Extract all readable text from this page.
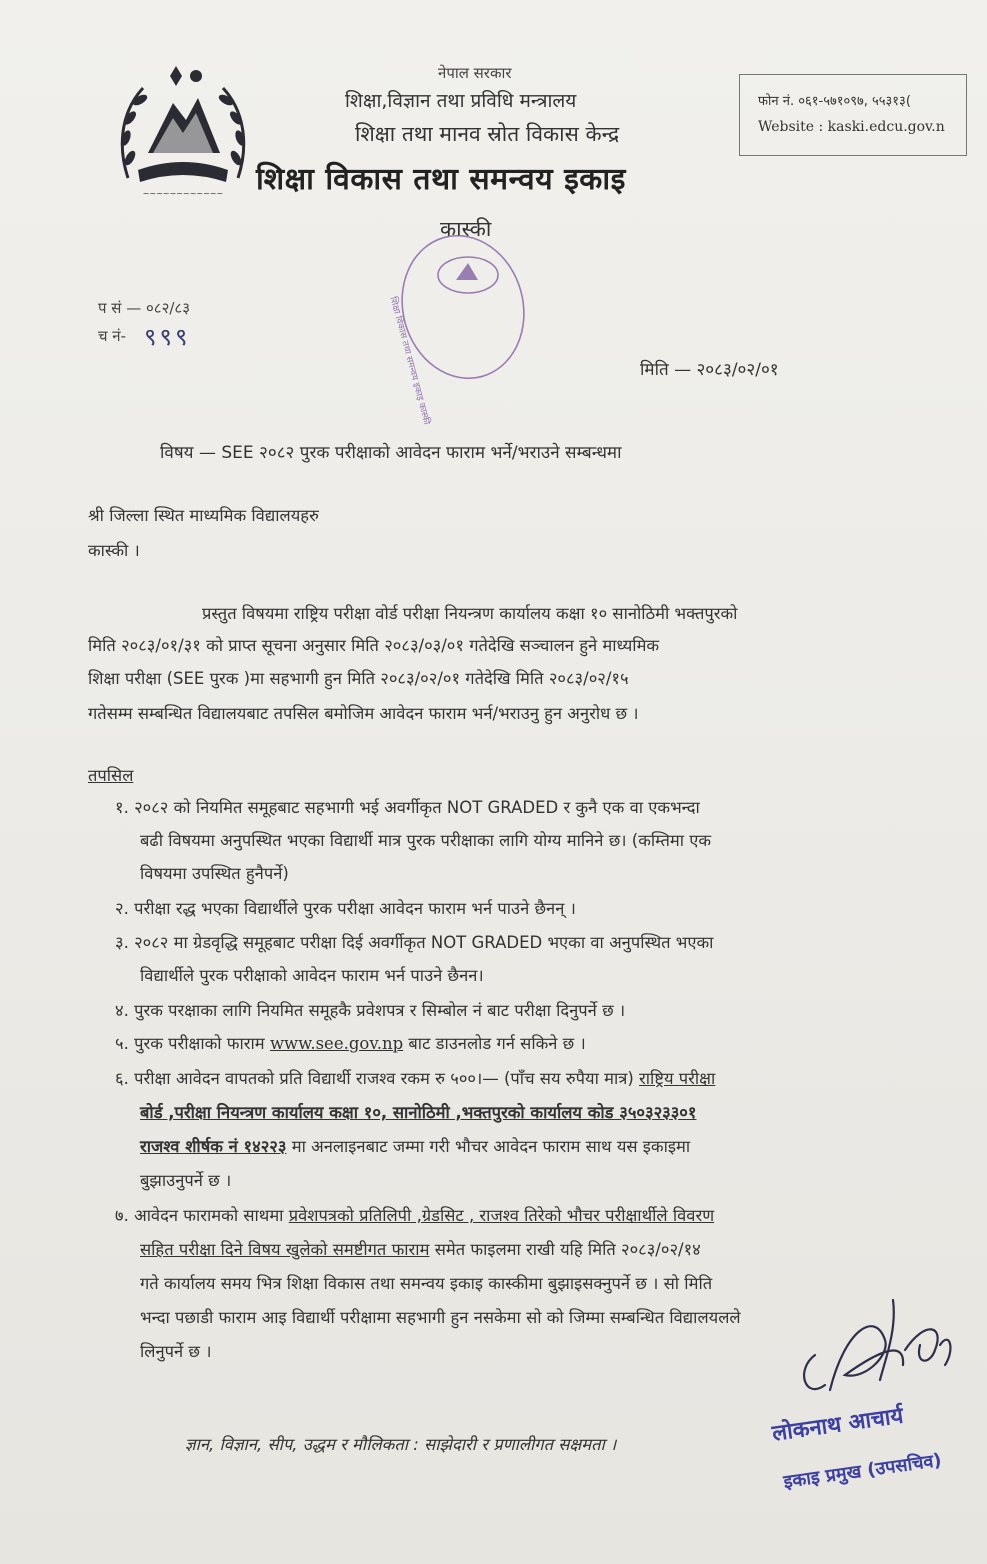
~~~~~~~~~~~~
नेपाल सरकार
शिक्षा,विज्ञान तथा प्रविधि मन्त्रालय
शिक्षा तथा मानव स्रोत विकास केन्द्र
शिक्षा विकास तथा समन्वय इकाइ
कास्की
फोन नं. ०६१-५७१०९७, ५५३१३(
Website : kaski.edcu.gov.n
शिक्षा विकास तथा समन्वय इकाइ कास्की
प सं — ०८२/८३
च नं- ९९९
मिति — २०८३/०२/०१
विषय — SEE २०८२ पुरक परीक्षाको आवेदन फाराम भर्ने/भराउने सम्बन्धमा
श्री जिल्ला स्थित माध्यमिक विद्यालयहरु
कास्की ।
प्रस्तुत विषयमा राष्ट्रिय परीक्षा वोर्ड परीक्षा नियन्त्रण कार्यालय कक्षा १० सानोठिमी भक्तपुरको
मिति २०८३/०१/३१ को प्राप्त सूचना अनुसार मिति २०८३/०३/०१ गतेदेखि सञ्चालन हुने माध्यमिक
शिक्षा परीक्षा (SEE पुरक )मा सहभागी हुन मिति २०८३/०२/०१ गतेदेखि मिति २०८३/०२/१५
गतेसम्म सम्बन्धित विद्यालयबाट तपसिल बमोजिम आवेदन फाराम भर्न/भराउनु हुन अनुरोध छ ।
तपसिल
१. २०८२ को नियमित समूहबाट सहभागी भई अवर्गीकृत NOT GRADED र कुनै एक वा एकभन्दा
बढी विषयमा अनुपस्थित भएका विद्यार्थी मात्र पुरक परीक्षाका लागि योग्य मानिने छ। (कम्तिमा एक
विषयमा उपस्थित हुनैपर्ने)
२. परीक्षा रद्ध भएका विद्यार्थीले पुरक परीक्षा आवेदन फाराम भर्न पाउने छैनन् ।
३. २०८२ मा ग्रेडवृद्धि समूहबाट परीक्षा दिई अवर्गीकृत NOT GRADED भएका वा अनुपस्थित भएका
विद्यार्थीले पुरक परीक्षाको आवेदन फाराम भर्न पाउने छैनन।
४. पुरक परक्षाका लागि नियमित समूहकै प्रवेशपत्र र सिम्बोल नं बाट परीक्षा दिनुपर्ने छ ।
५. पुरक परीक्षाको फाराम www.see.gov.np बाट डाउनलोड गर्न सकिने छ ।
६. परीक्षा आवेदन वापतको प्रति विद्यार्थी राजश्व रकम रु ५००।— (पाँच सय रुपैया मात्र) राष्ट्रिय परीक्षा
बोर्ड ,परीक्षा नियन्त्रण कार्यालय कक्षा १०, सानोठिमी ,भक्तपुरको कार्यालय कोड ३५०३२३३०१
राजश्व शीर्षक नं १४२२३ मा अनलाइनबाट जम्मा गरी भौचर आवेदन फाराम साथ यस इकाइमा
बुझाउनुपर्ने छ ।
७. आवेदन फारामको साथमा प्रवेशपत्रको प्रतिलिपी ,ग्रेडसिट , राजश्व तिरेको भौचर परीक्षार्थीले विवरण
सहित परीक्षा दिने विषय खुलेको समष्टीगत फाराम समेत फाइलमा राखी यहि मिति २०८३/०२/१४
गते कार्यालय समय भित्र शिक्षा विकास तथा समन्वय इकाइ कास्कीमा बुझाइसक्नुपर्ने छ । सो मिति
भन्दा पछाडी फाराम आइ विद्यार्थी परीक्षामा सहभागी हुन नसकेमा सो को जिम्मा सम्बन्धित विद्यालयलले
लिनुपर्ने छ ।
ज्ञान, विज्ञान, सीप, उद्धम र मौलिकता : साझेदारी र प्रणालीगत सक्षमता ।	लोकनाथ आचार्य
इकाइ प्रमुख (उपसचिव)
